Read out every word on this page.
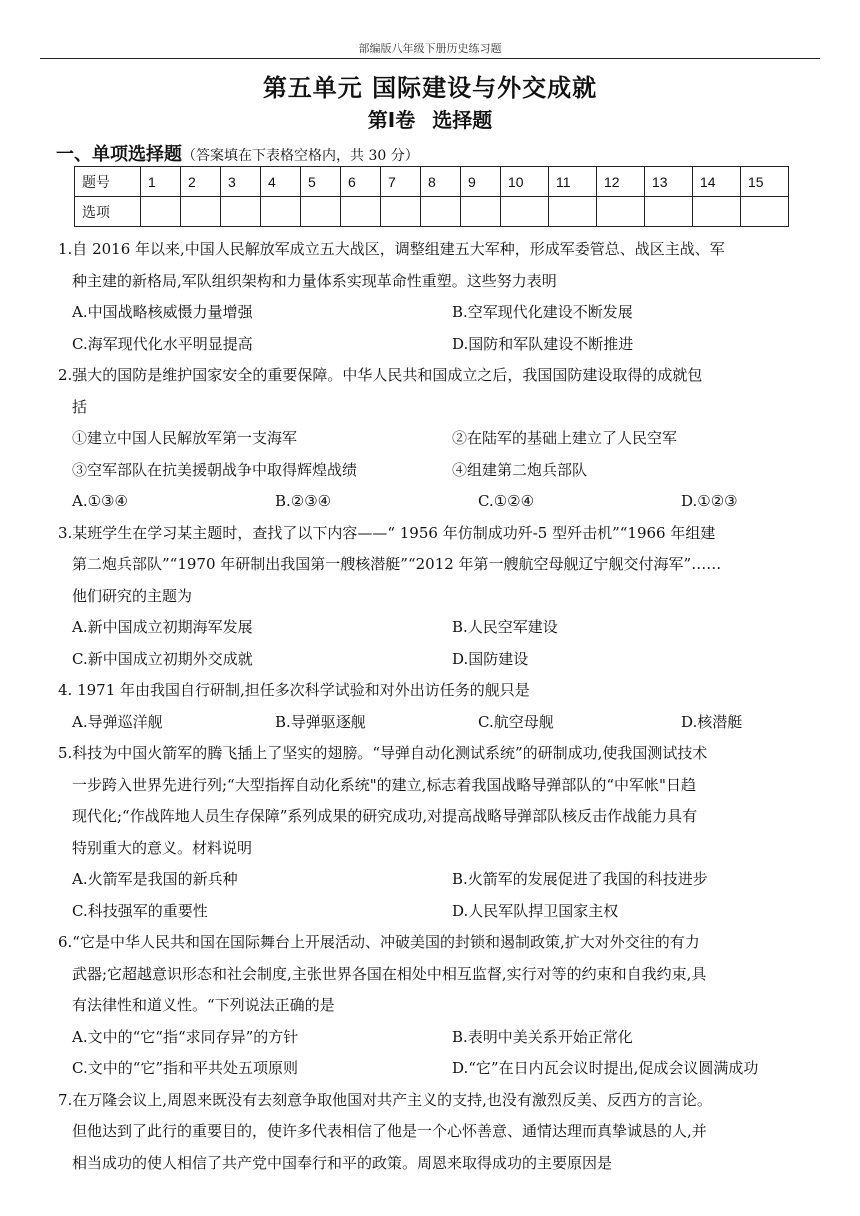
部编版八年级下册历史练习题
第五单元 国际建设与外交成就
第Ⅰ卷 选择题
一、单项选择题（答案填在下表格空格内，共 30 分）
题号	1	2	3	4	5	6	7	8	9	10	11	12	13	14	15
选项															
1.自 2016 年以来,中国人民解放军成立五大战区，调整组建五大军种，形成军委管总、战区主战、军
种主建的新格局,军队组织架构和力量体系实现革命性重塑。这些努力表明
A.中国战略核威慑力量增强	B.空军现代化建设不断发展
C.海军现代化水平明显提高	D.国防和军队建设不断推进
2.强大的国防是维护国家安全的重要保障。中华人民共和国成立之后，我国国防建设取得的成就包
括
①建立中国人民解放军第一支海军	②在陆军的基础上建立了人民空军
③空军部队在抗美援朝战争中取得辉煌战绩	④组建第二炮兵部队
A.①③④	B.②③④	C.①②④	D.①②③
3.某班学生在学习某主题时，查找了以下内容——“ 1956 年仿制成功歼-5 型歼击机”“1966 年组建
第二炮兵部队”“1970 年研制出我国第一艘核潜艇”“2012 年第一艘航空母舰辽宁舰交付海军”……
他们研究的主题为
A.新中国成立初期海军发展	B.人民空军建设
C.新中国成立初期外交成就	D.国防建设
4. 1971 年由我国自行研制,担任多次科学试验和对外出访任务的舰只是
A.导弹巡洋舰	B.导弹驱逐舰	C.航空母舰	D.核潜艇
5.科技为中国火箭军的腾飞插上了坚实的翅膀。“导弹自动化测试系统”的研制成功,使我国测试技术
一步跨入世界先进行列;“大型指挥自动化系统"的建立,标志着我国战略导弹部队的“中军帐"日趋
现代化;“作战阵地人员生存保障”系列成果的研究成功,对提高战略导弹部队核反击作战能力具有
特别重大的意义。材料说明
A.火箭军是我国的新兵种	B.火箭军的发展促进了我国的科技进步
C.科技强军的重要性	D.人民军队捍卫国家主权
6.“它是中华人民共和国在国际舞台上开展活动、冲破美国的封锁和遏制政策,扩大对外交往的有力
武器;它超越意识形态和社会制度,主张世界各国在相处中相互监督,实行对等的约束和自我约束,具
有法律性和道义性。“下列说法正确的是
A.文中的“它“指“求同存异”的方针	B.表明中美关系开始正常化
C.文中的“它”指和平共处五项原则	D.“它”在日内瓦会议时提出,促成会议圆满成功
7.在万隆会议上,周恩来既没有去刻意争取他国对共产主义的支持,也没有激烈反美、反西方的言论。
但他达到了此行的重要目的，使许多代表相信了他是一个心怀善意、通情达理而真挚诚恳的人,并
相当成功的使人相信了共产党中国奉行和平的政策。周恩来取得成功的主要原因是
